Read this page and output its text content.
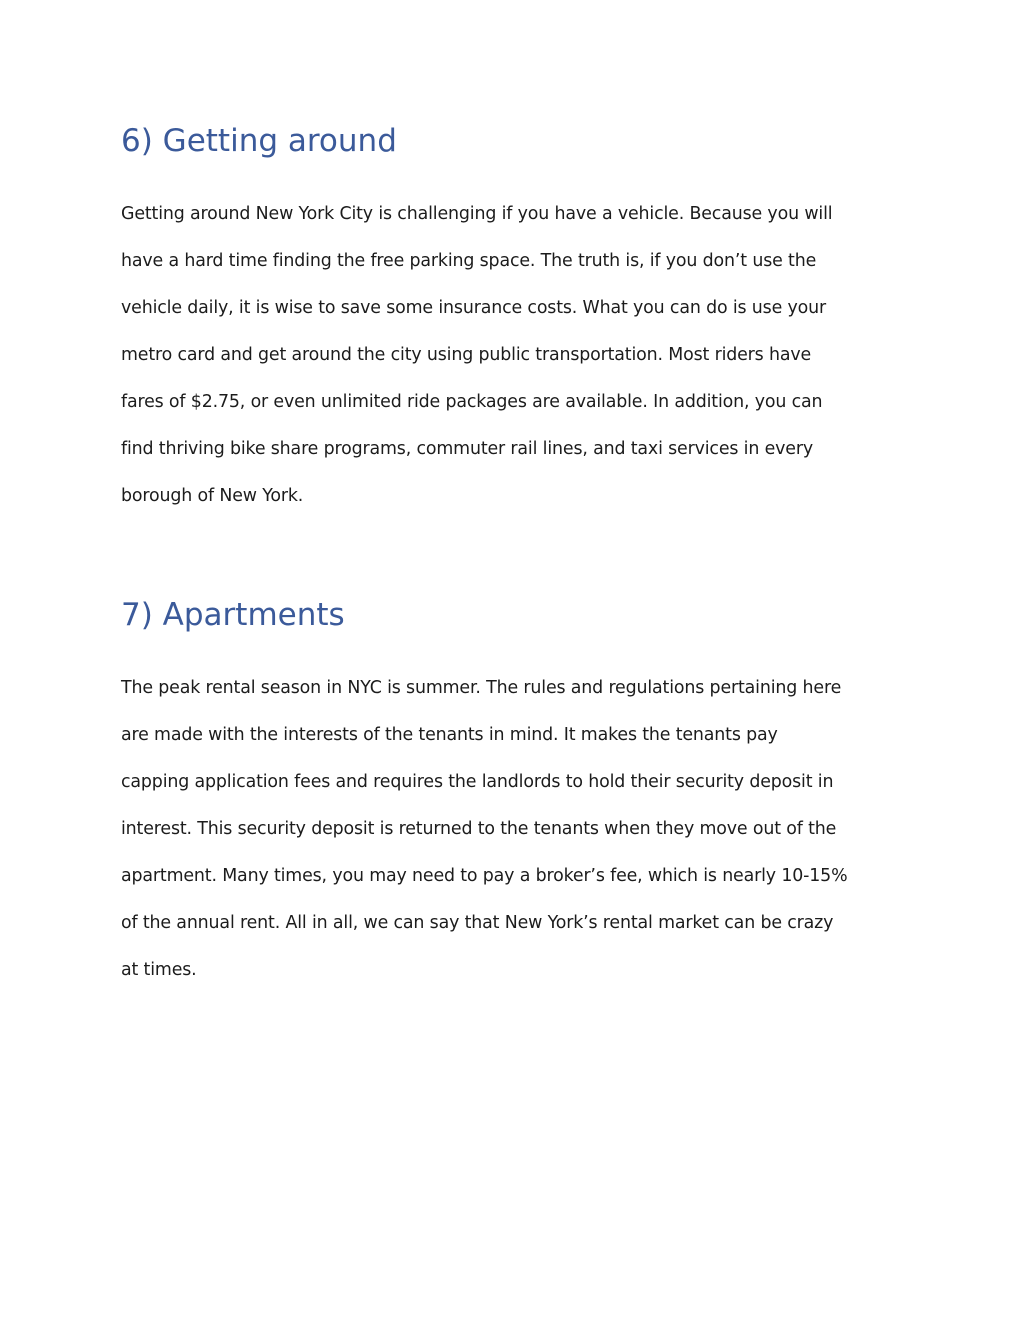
6) Getting around

Getting around New York City is challenging if you have a vehicle. Because you will
have a hard time finding the free parking space. The truth is, if you don’t use the
vehicle daily, it is wise to save some insurance costs. What you can do is use your
metro card and get around the city using public transportation. Most riders have
fares of $2.75, or even unlimited ride packages are available. In addition, you can
find thriving bike share programs, commuter rail lines, and taxi services in every
borough of New York.

7) Apartments

The peak rental season in NYC is summer. The rules and regulations pertaining here
are made with the interests of the tenants in mind. It makes the tenants pay
capping application fees and requires the landlords to hold their security deposit in
interest. This security deposit is returned to the tenants when they move out of the
apartment. Many times, you may need to pay a broker’s fee, which is nearly 10-15%
of the annual rent. All in all, we can say that New York’s rental market can be crazy
at times.
